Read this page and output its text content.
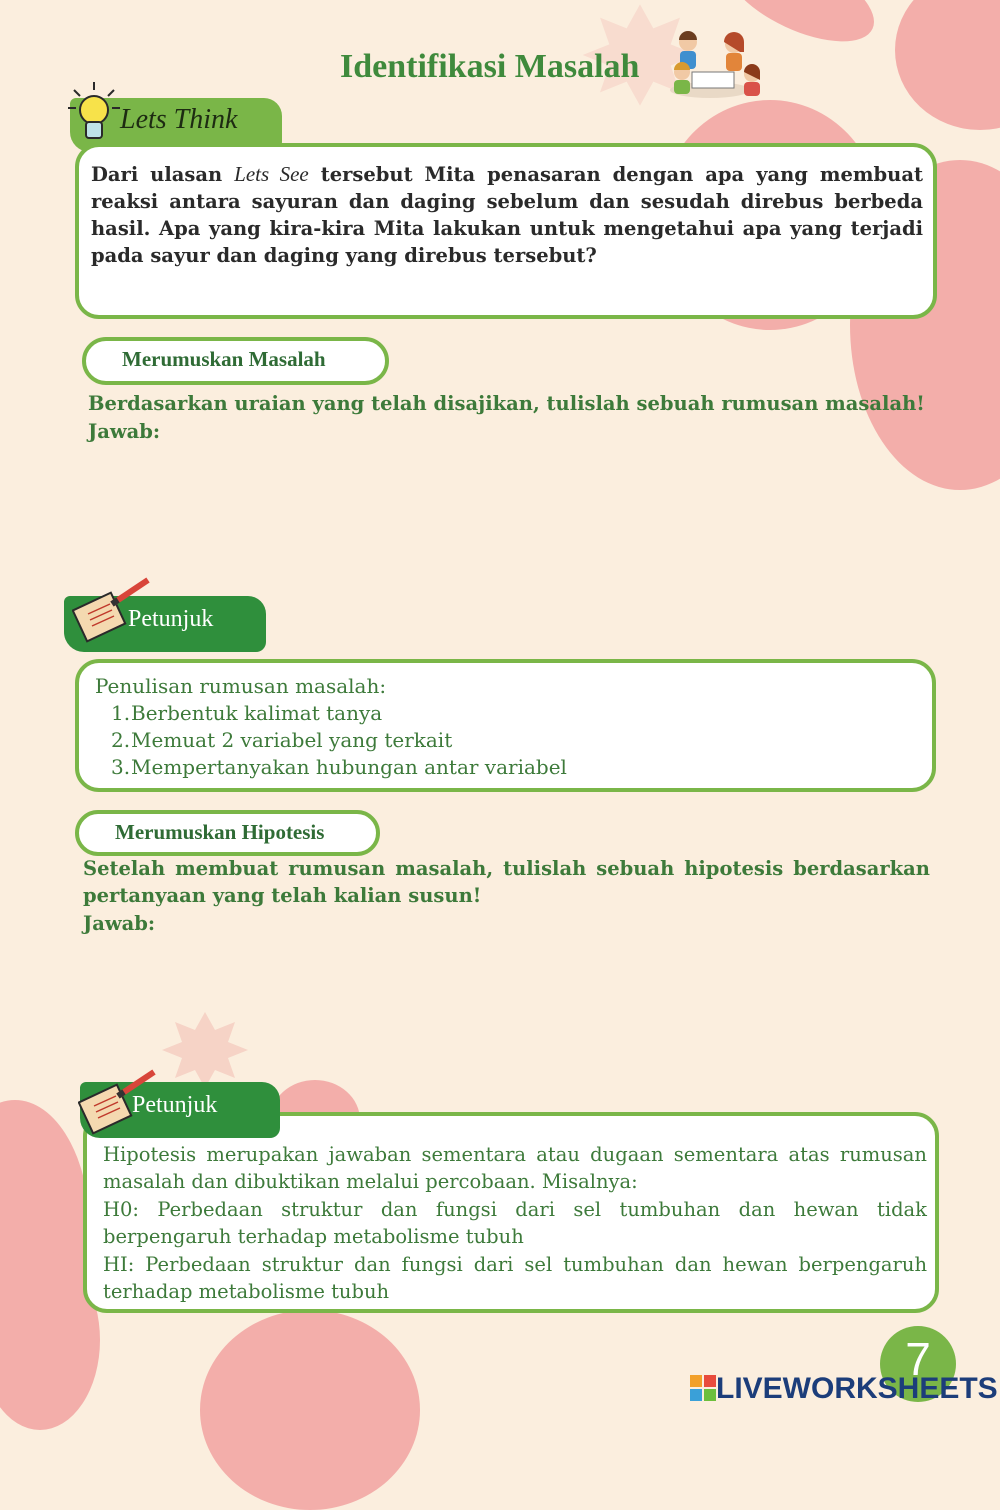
Identifikasi Masalah
Lets Think
Dari ulasan Lets See tersebut Mita penasaran dengan apa yang membuat reaksi antara sayuran dan daging sebelum dan sesudah direbus berbeda hasil. Apa yang kira-kira Mita lakukan untuk mengetahui apa yang terjadi pada sayur dan daging yang direbus tersebut?
Merumuskan Masalah
Berdasarkan uraian yang telah disajikan, tulislah sebuah rumusan masalah!
Jawab:
Petunjuk
Penulisan rumusan masalah:
1. Berbentuk kalimat tanya
2. Memuat 2 variabel yang terkait
3. Mempertanyakan hubungan antar variabel
Merumuskan Hipotesis
Setelah membuat rumusan masalah, tulislah sebuah hipotesis berdasarkan pertanyaan yang telah kalian susun!
Jawab:
Hipotesis merupakan jawaban sementara atau dugaan sementara atas rumusan masalah dan dibuktikan melalui percobaan. Misalnya:
H0: Perbedaan struktur dan fungsi dari sel tumbuhan dan hewan tidak berpengaruh terhadap metabolisme tubuh
HI: Perbedaan struktur dan fungsi dari sel tumbuhan dan hewan berpengaruh terhadap metabolisme tubuh
Petunjuk
7
LIVEWORKSHEETS
